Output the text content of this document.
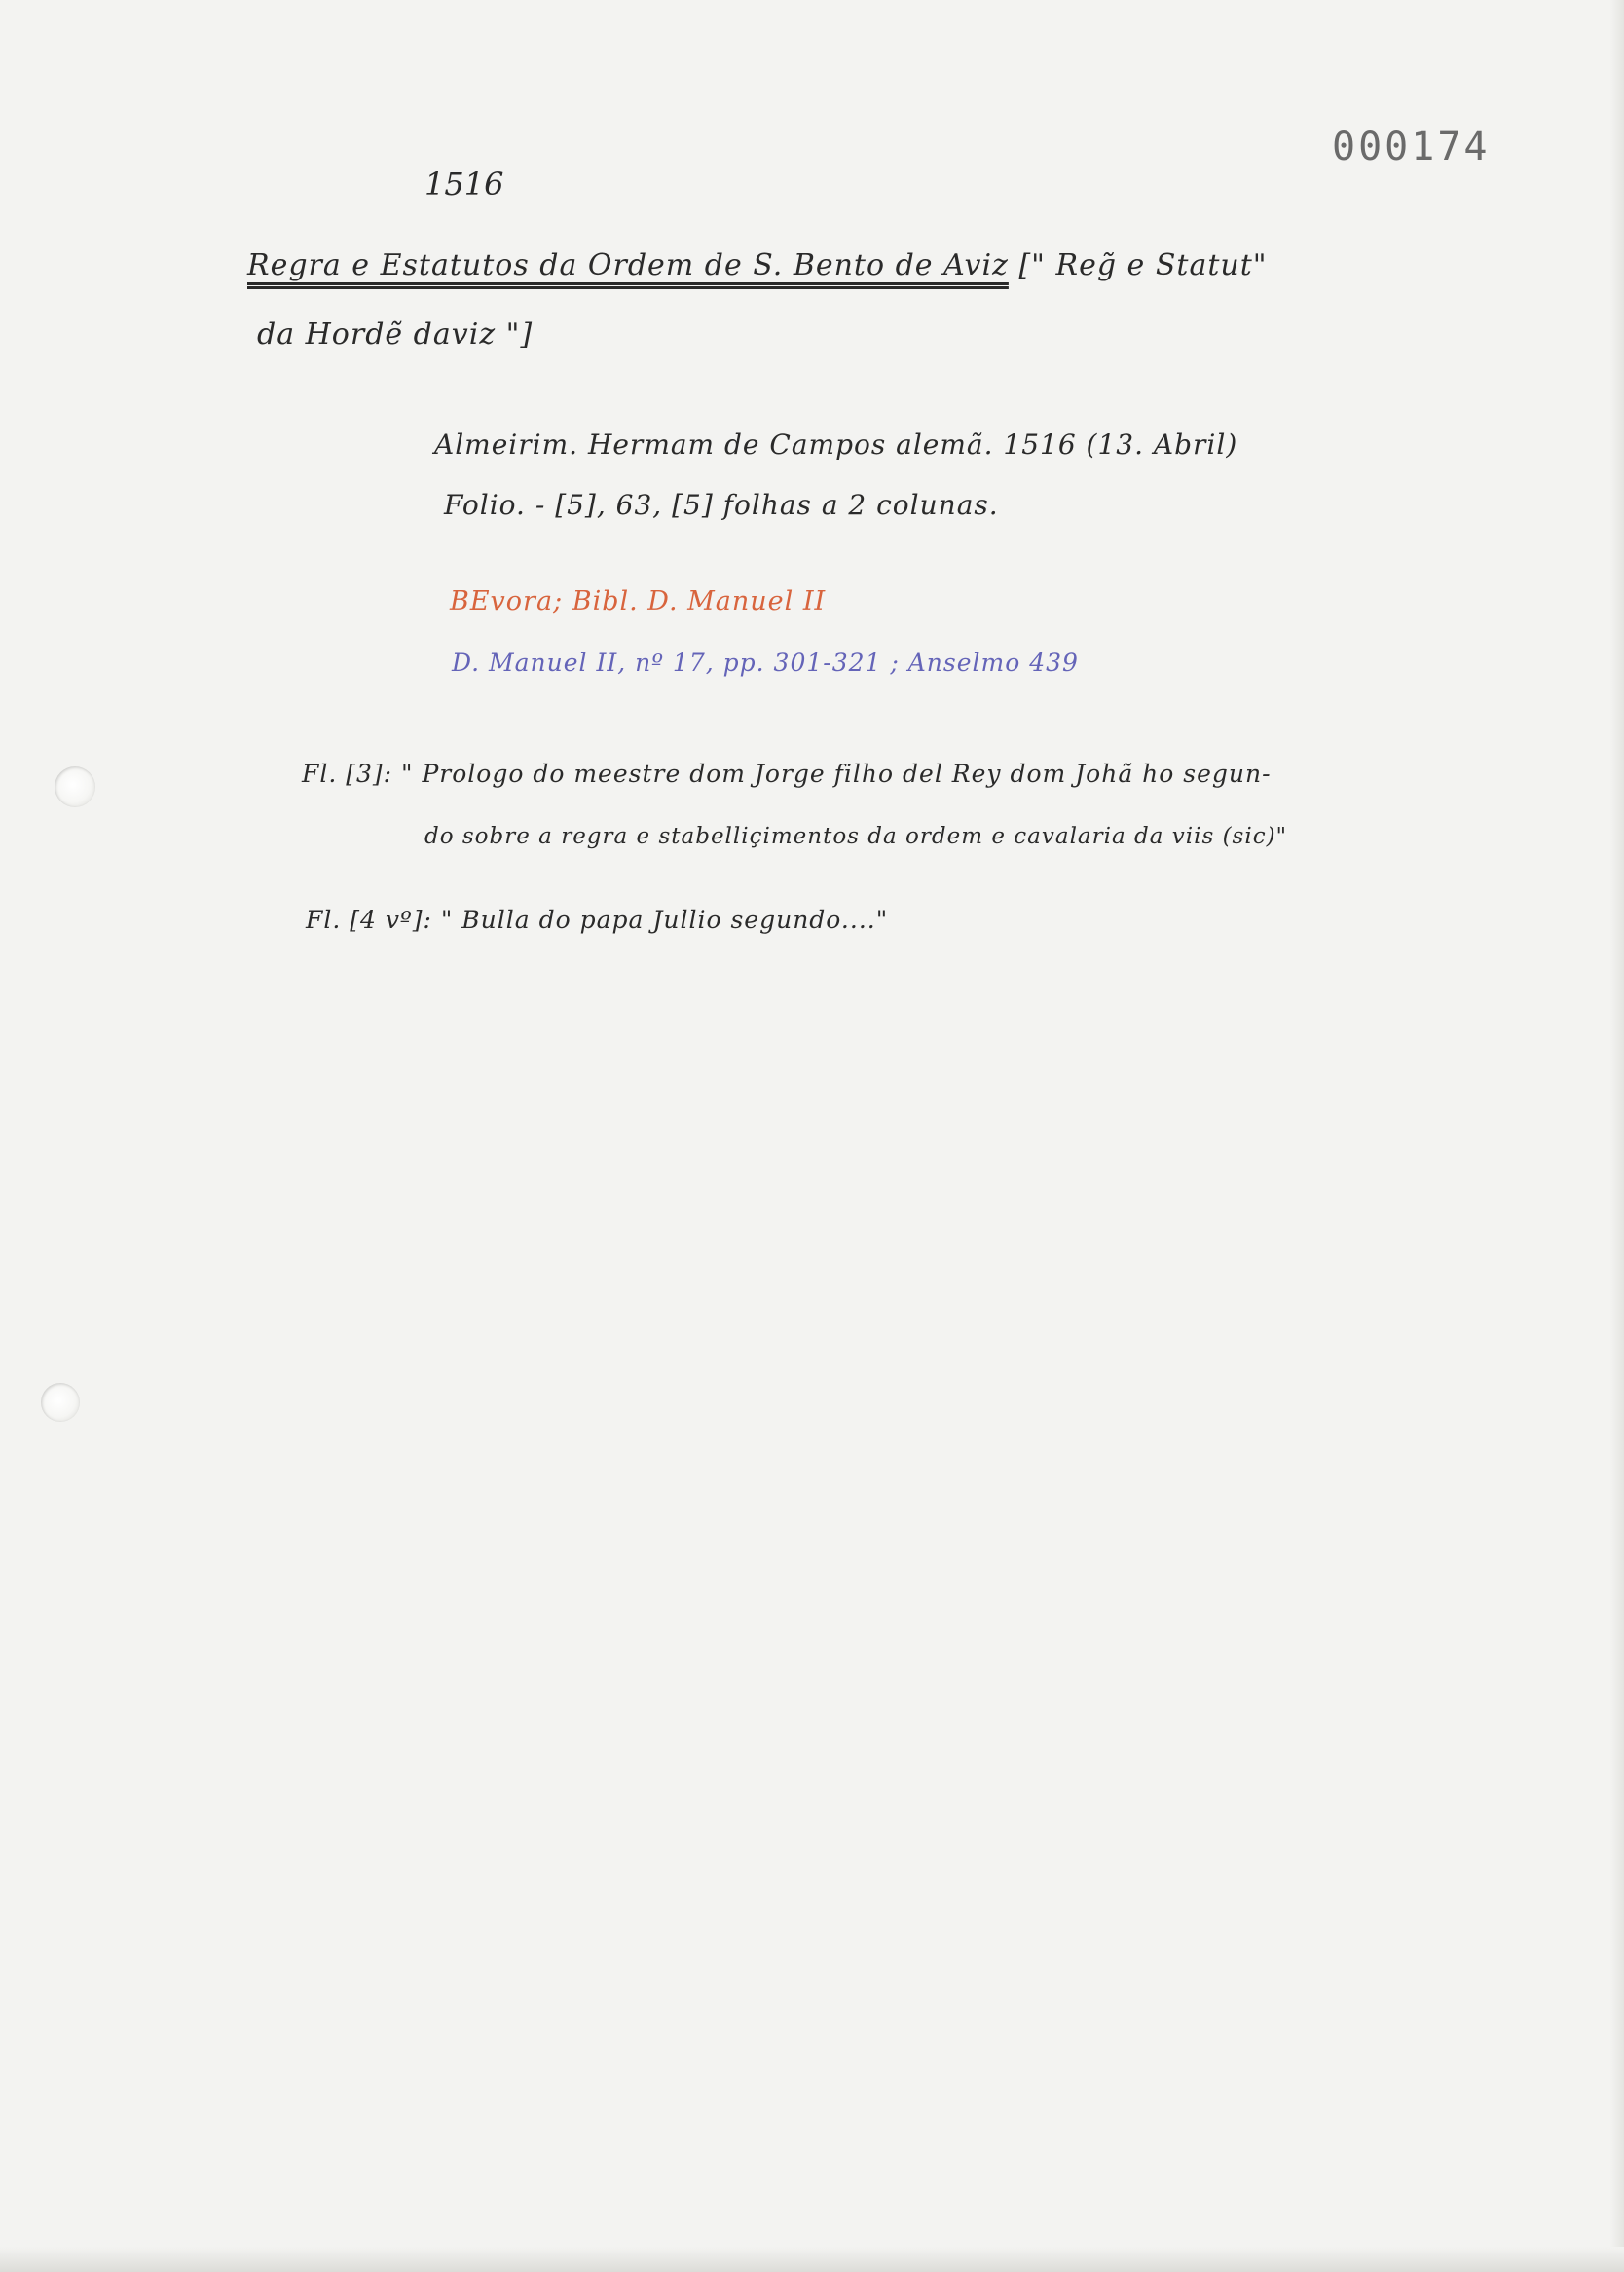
000174
1516
Regra e Estatutos da Ordem de S. Bento de Aviz [" Reg̃ e Statut"
da Hordẽ daviz "]
Almeirim. Hermam de Campos alemã. 1516 (13. Abril)
Folio. - [5], 63, [5] folhas a 2 colunas.
BEvora; Bibl. D. Manuel II
D. Manuel II, nº 17, pp. 301-321 ; Anselmo 439
Fl. [3]: " Prologo do meestre dom Jorge filho del Rey dom Johã ho segun-
do sobre a regra e stabelliçimentos da ordem e cavalaria da viis (sic)"
Fl. [4 vº]: " Bulla do papa Jullio segundo...."
